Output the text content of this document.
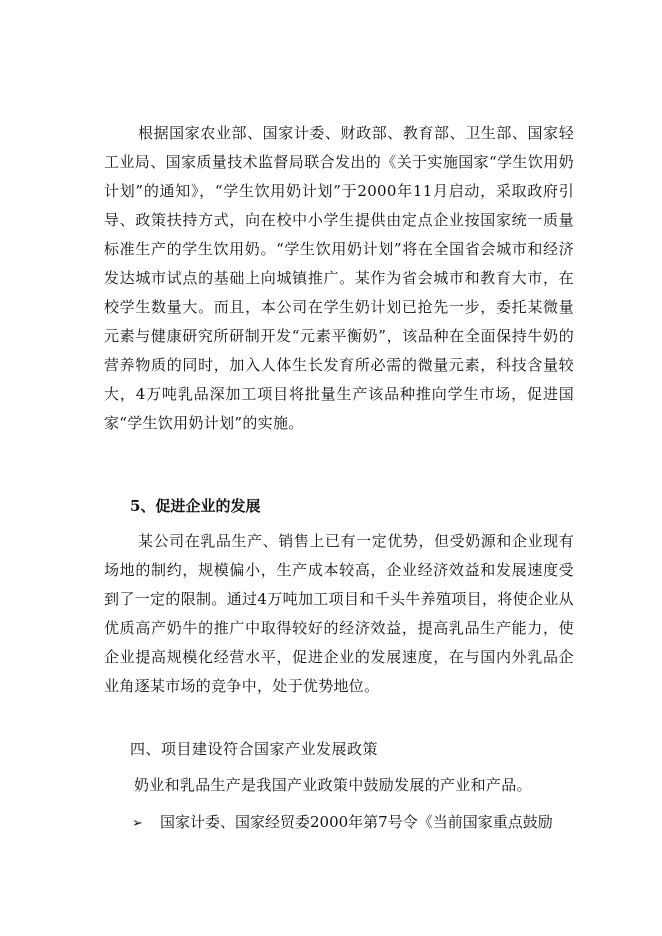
根据国家农业部、国家计委、财政部、教育部、卫生部、国家轻工业局、国家质量技术监督局联合发出的《关于实施国家“学生饮用奶计划”的通知》，“学生饮用奶计划”于2000年11月启动，采取政府引导、政策扶持方式，向在校中小学生提供由定点企业按国家统一质量标准生产的学生饮用奶。“学生饮用奶计划”将在全国省会城市和经济发达城市试点的基础上向城镇推广。某作为省会城市和教育大市，在校学生数量大。而且，本公司在学生奶计划已抢先一步，委托某微量元素与健康研究所研制开发“元素平衡奶”，该品种在全面保持牛奶的营养物质的同时，加入人体生长发育所必需的微量元素，科技含量较大，4万吨乳品深加工项目将批量生产该品种推向学生市场，促进国家“学生饮用奶计划”的实施。

5、促进企业的发展

某公司在乳品生产、销售上已有一定优势，但受奶源和企业现有场地的制约，规模偏小，生产成本较高，企业经济效益和发展速度受到了一定的限制。通过4万吨加工项目和千头牛养殖项目，将使企业从优质高产奶牛的推广中取得较好的经济效益，提高乳品生产能力，使企业提高规模化经营水平，促进企业的发展速度，在与国内外乳品企业角逐某市场的竞争中，处于优势地位。

四、项目建设符合国家产业发展政策

奶业和乳品生产是我国产业政策中鼓励发展的产业和产品。

➢ 国家计委、国家经贸委2000年第7号令《当前国家重点鼓励
